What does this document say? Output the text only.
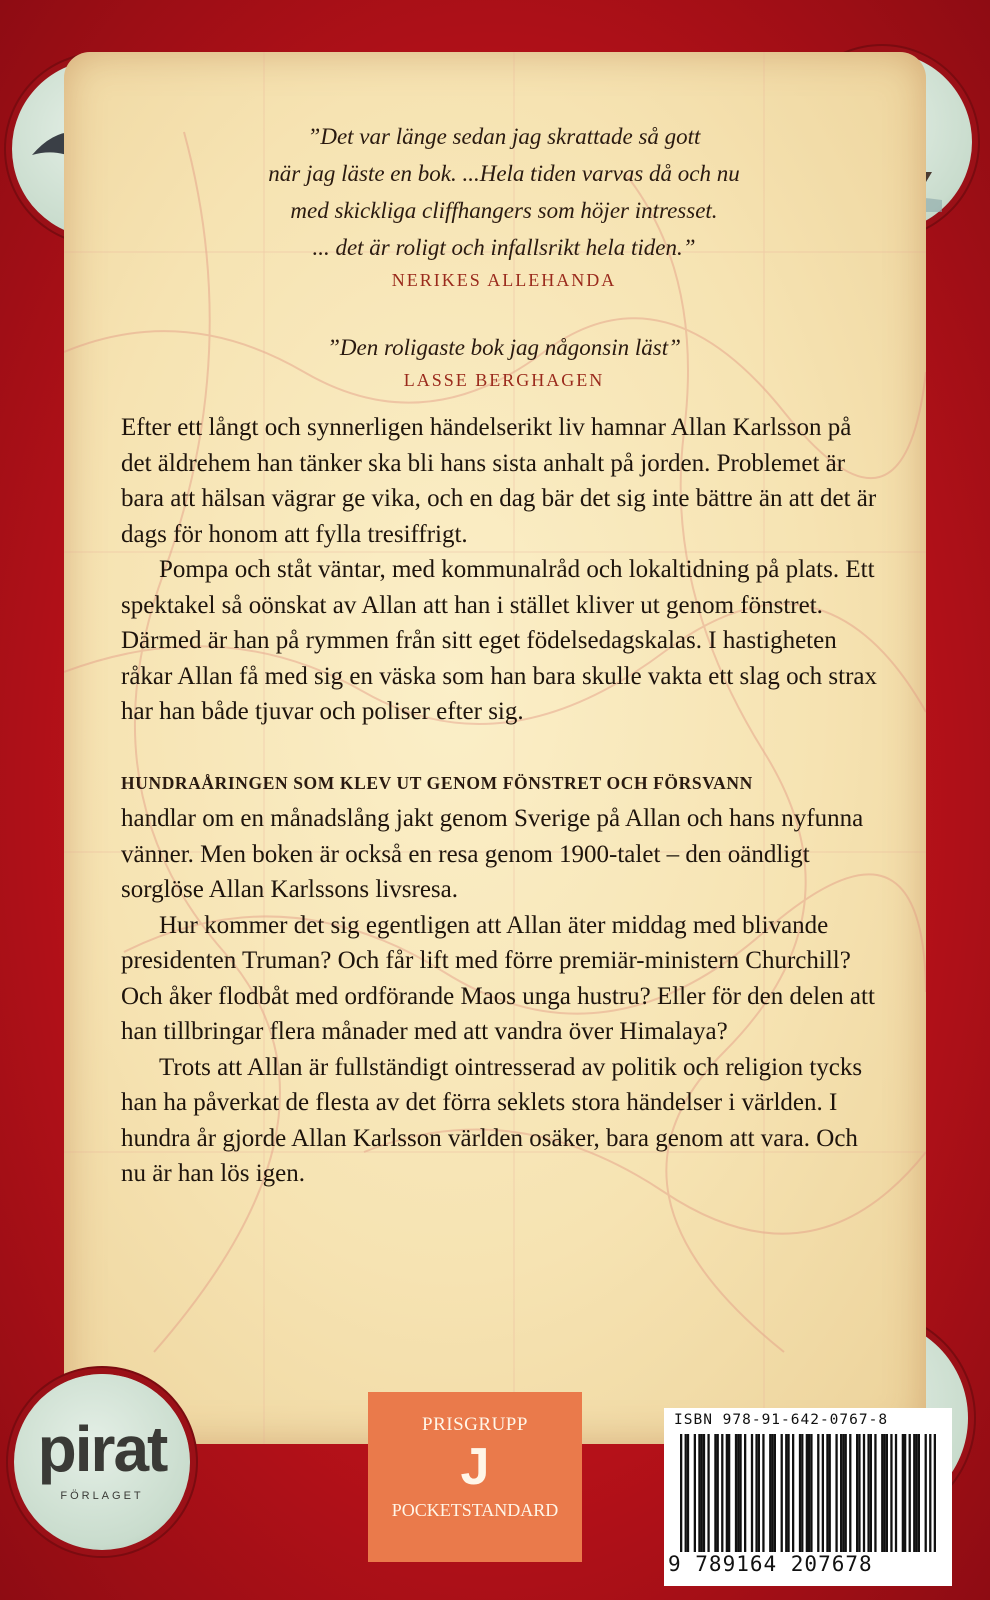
”Det var länge sedan jag skrattade så gott

när jag läste en bok. ...Hela tiden varvas då och nu

med skickliga cliffhangers som höjer intresset.

... det är roligt och infallsrikt hela tiden.”

NERIKES ALLEHANDA

”Den roligaste bok jag någonsin läst”

LASSE BERGHAGEN

Efter ett långt och synnerligen händelserikt liv hamnar Allan Karlsson på det äldrehem han tänker ska bli hans sista anhalt på jorden. Problemet är bara att hälsan vägrar ge vika, och en dag bär det sig inte bättre än att det är dags för honom att fylla tresiffrigt.

Pompa och ståt väntar, med kommunalråd och lokaltidning på plats. Ett spektakel så oönskat av Allan att han i stället kliver ut genom fönstret. Därmed är han på rymmen från sitt eget födelsedagskalas. I hastigheten råkar Allan få med sig en väska som han bara skulle vakta ett slag och strax har han både tjuvar och poliser efter sig.

HUNDRAÅRINGEN SOM KLEV UT GENOM FÖNSTRET OCH FÖRSVANN
handlar om en månadslång jakt genom Sverige på Allan och hans nyfunna vänner. Men boken är också en resa genom 1900-talet – den oändligt sorglöse Allan Karlssons livsresa.

Hur kommer det sig egentligen att Allan äter middag med blivande presidenten Truman? Och får lift med förre premiär-ministern Churchill? Och åker flodbåt med ordförande Maos unga hustru? Eller för den delen att han tillbringar flera månader med att vandra över Himalaya?

Trots att Allan är fullständigt ointresserad av politik och religion tycks han ha påverkat de flesta av det förra seklets stora händelser i världen. I hundra år gjorde Allan Karlsson världen osäker, bara genom att vara. Och nu är han lös igen.

pirat
FÖRLAGET
PRISGRUPP
J
POCKETSTANDARD
ISBN 978-91-642-0767-8
9 789164 207678
